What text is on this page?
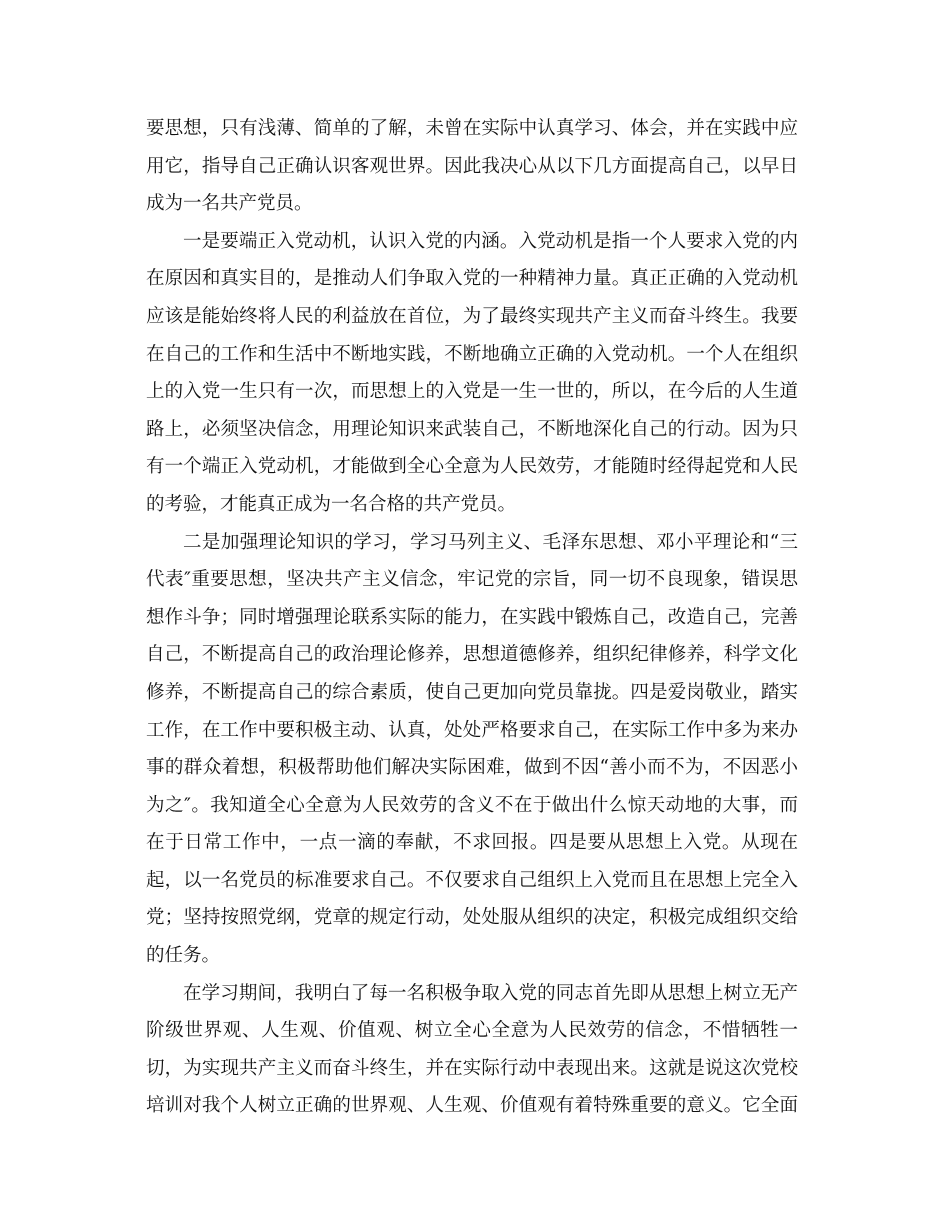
要思想，只有浅薄、简单的了解，未曾在实际中认真学习、体会，并在实践中应
用它，指导自己正确认识客观世界。因此我决心从以下几方面提高自己，以早日
成为一名共产党员。
一是要端正入党动机，认识入党的内涵。入党动机是指一个人要求入党的内
在原因和真实目的，是推动人们争取入党的一种精神力量。真正正确的入党动机
应该是能始终将人民的利益放在首位，为了最终实现共产主义而奋斗终生。我要
在自己的工作和生活中不断地实践，不断地确立正确的入党动机。一个人在组织
上的入党一生只有一次，而思想上的入党是一生一世的，所以，在今后的人生道
路上，必须坚决信念，用理论知识来武装自己，不断地深化自己的行动。因为只
有一个端正入党动机，才能做到全心全意为人民效劳，才能随时经得起党和人民
的考验，才能真正成为一名合格的共产党员。
二是加强理论知识的学习，学习马列主义、毛泽东思想、邓小平理论和“三
代表″重要思想，坚决共产主义信念，牢记党的宗旨，同一切不良现象，错误思
想作斗争；同时增强理论联系实际的能力，在实践中锻炼自己，改造自己，完善
自己，不断提高自己的政治理论修养，思想道德修养，组织纪律修养，科学文化
修养，不断提高自己的综合素质，使自己更加向党员靠拢。四是爱岗敬业，踏实
工作，在工作中要积极主动、认真，处处严格要求自己，在实际工作中多为来办
事的群众着想，积极帮助他们解决实际困难，做到不因“善小而不为，不因恶小
为之″。我知道全心全意为人民效劳的含义不在于做出什么惊天动地的大事，而
在于日常工作中，一点一滴的奉献，不求回报。四是要从思想上入党。从现在
起，以一名党员的标准要求自己。不仅要求自己组织上入党而且在思想上完全入
党；坚持按照党纲，党章的规定行动，处处服从组织的决定，积极完成组织交给
的任务。
在学习期间，我明白了每一名积极争取入党的同志首先即从思想上树立无产
阶级世界观、人生观、价值观、树立全心全意为人民效劳的信念，不惜牺牲一
切，为实现共产主义而奋斗终生，并在实际行动中表现出来。这就是说这次党校
培训对我个人树立正确的世界观、人生观、价值观有着特殊重要的意义。它全面
